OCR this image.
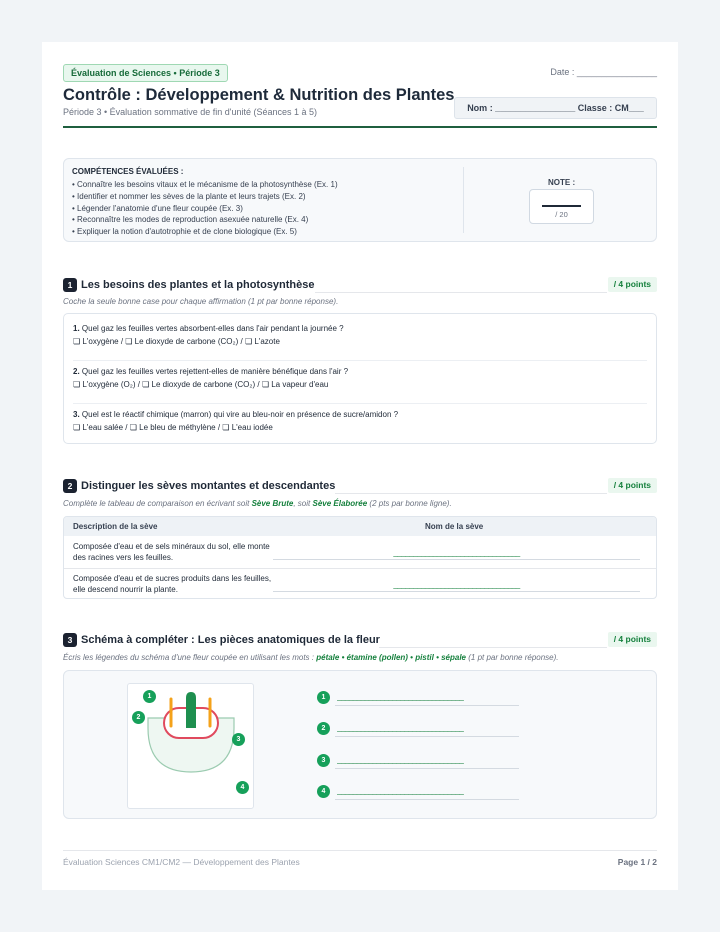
Évaluation de Sciences • Période 3	Date : ________________
Contrôle : Développement & Nutrition des Plantes
Période 3 • Évaluation sommative de fin d'unité (Séances 1 à 5)	Nom : ________________ Classe : CM___
COMPÉTENCES ÉVALUÉES :
• Connaître les besoins vitaux et le mécanisme de la photosynthèse (Ex. 1)
• Identifier et nommer les sèves de la plante et leurs trajets (Ex. 2)
• Légender l'anatomie d'une fleur coupée (Ex. 3)
• Reconnaître les modes de reproduction asexuée naturelle (Ex. 4)
• Expliquer la notion d'autotrophie et de clone biologique (Ex. 5)
NOTE :
/ 20
1 Les besoins des plantes et la photosynthèse	/ 4 points
Coche la seule bonne case pour chaque affirmation (1 pt par bonne réponse).
1. Quel gaz les feuilles vertes absorbent-elles dans l'air pendant la journée ?
❏ L'oxygène / ❏ Le dioxyde de carbone (CO₂) / ❏ L'azote
2. Quel gaz les feuilles vertes rejettent-elles de manière bénéfique dans l'air ?
❏ L'oxygène (O₂) / ❏ Le dioxyde de carbone (CO₂) / ❏ La vapeur d'eau
3. Quel est le réactif chimique (marron) qui vire au bleu-noir en présence de sucre/amidon ?
❏ L'eau salée / ❏ Le bleu de méthylène / ❏ L'eau iodée
2 Distinguer les sèves montantes et descendantes	/ 4 points
Complète le tableau de comparaison en écrivant soit Sève Brute, soit Sève Élaborée (2 pts par bonne ligne).
Description de la sève	Nom de la sève
Composée d'eau et de sels minéraux du sol, elle monte des racines vers les feuilles.	________________________________
Composée d'eau et de sucres produits dans les feuilles, elle descend nourrir la plante.	________________________________
3 Schéma à compléter : Les pièces anatomiques de la fleur	/ 4 points
Écris les légendes du schéma d'une fleur coupée en utilisant les mots : pétale • étamine (pollen) • pistil • sépale (1 pt par bonne réponse).
1
2
3
4
1	________________________________
2	________________________________
3	________________________________
4	________________________________
Évaluation Sciences CM1/CM2 — Développement des Plantes	Page 1 / 2
